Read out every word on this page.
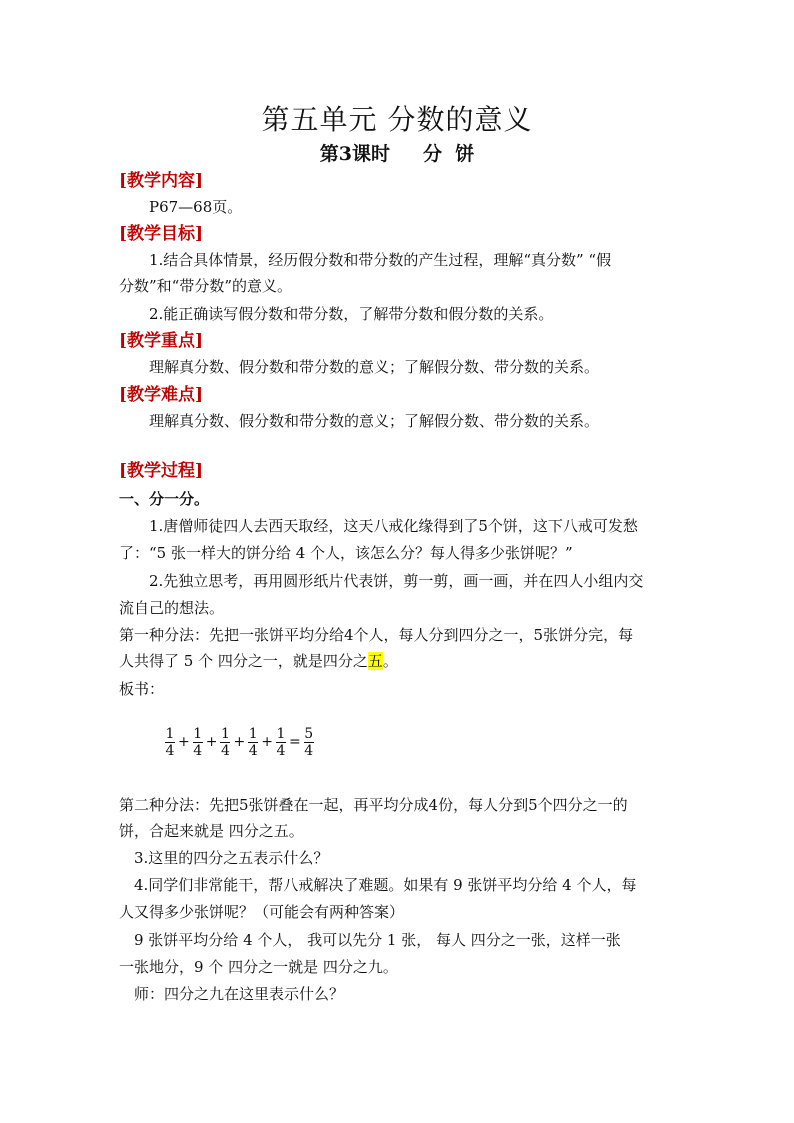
第五单元 分数的意义
第3课时     分  饼
[教学内容]
P67—68页。
[教学目标]
1.结合具体情景，经历假分数和带分数的产生过程，理解“真分数” “假
分数”和“带分数”的意义。
2.能正确读写假分数和带分数，了解带分数和假分数的关系。
[教学重点]
理解真分数、假分数和带分数的意义；了解假分数、带分数的关系。
[教学难点]
理解真分数、假分数和带分数的意义；了解假分数、带分数的关系。
[教学过程]
一、分一分。
1.唐僧师徒四人去西天取经，这天八戒化缘得到了5个饼，这下八戒可发愁
了：“5 张一样大的饼分给 4 个人，该怎么分？每人得多少张饼呢？”
2.先独立思考，再用圆形纸片代表饼，剪一剪，画一画，并在四人小组内交
流自己的想法。
第一种分法：先把一张饼平均分给4个人，每人分到四分之一，5张饼分完，每
人共得了 5 个 四分之一，就是四分之五。
板书：
$\frac{1}{4} + \frac{1}{4} + \frac{1}{4} + \frac{1}{4} + \frac{1}{4} = \frac{5}{4}$
第二种分法：先把5张饼叠在一起，再平均分成4份，每人分到5个四分之一的
饼，合起来就是 四分之五。
3.这里的四分之五表示什么？
4.同学们非常能干，帮八戒解决了难题。如果有 9 张饼平均分给 4 个人，每
人又得多少张饼呢？（可能会有两种答案）
9 张饼平均分给 4 个人， 我可以先分 1 张， 每人 四分之一张，这样一张
一张地分，9 个 四分之一就是 四分之九。
师：四分之九在这里表示什么？
